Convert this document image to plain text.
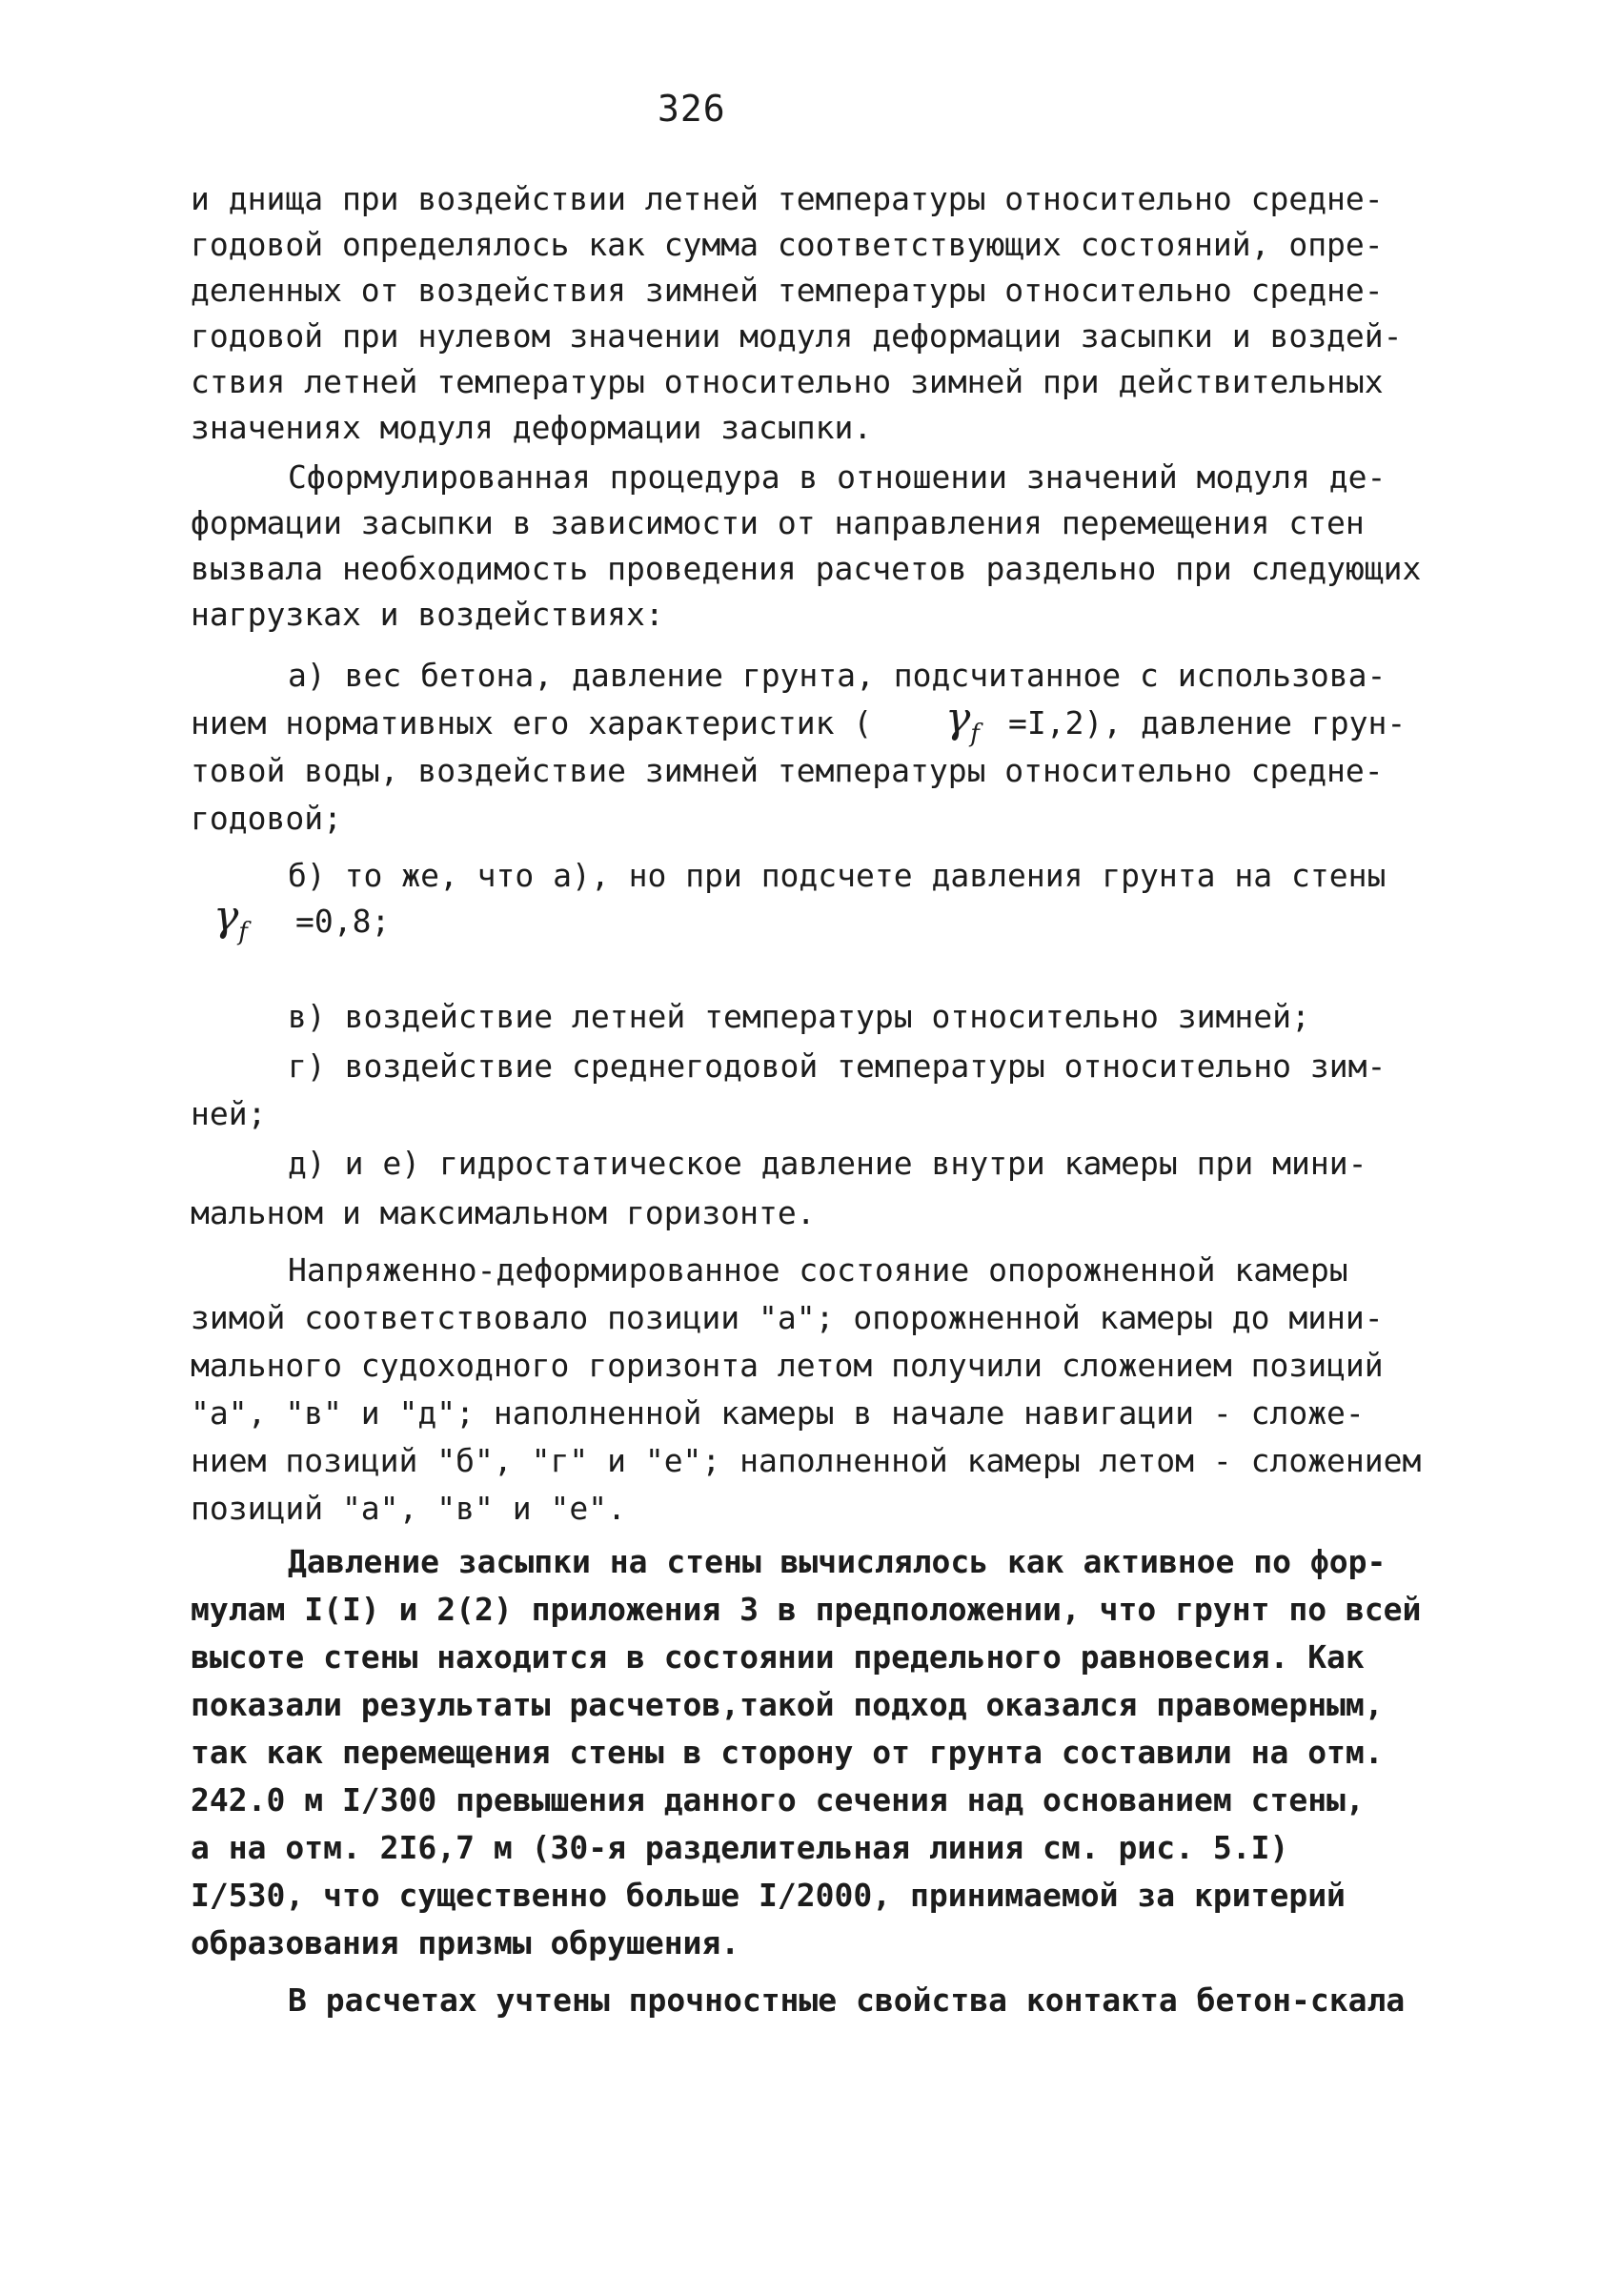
326
и днища при воздействии летней температуры относительно средне-
годовой определялось как сумма соответствующих состояний, опре-
деленных от воздействия зимней температуры относительно средне-
годовой при нулевом значении модуля деформации засыпки и воздей-
ствия летней температуры относительно зимней при действительных
значениях модуля деформации засыпки.
Сформулированная процедура в отношении значений модуля де-
формации засыпки в зависимости от направления перемещения стен
вызвала необходимость проведения расчетов раздельно при следующих
нагрузках и воздействиях:
а) вес бетона, давление грунта, подсчитанное с использова-
нием нормативных его характеристик ( $\gamma_f =I,2$), давление грун-
товой воды, воздействие зимней температуры относительно средне-
годовой;
б) то же, что а), но при подсчете давления грунта на стены
$\gamma_f =0,8$;
в) воздействие летней температуры относительно зимней;
г) воздействие среднегодовой температуры относительно зим-
ней;
д) и е) гидростатическое давление внутри камеры при мини-
мальном и максимальном горизонте.
Напряженно-деформированное состояние опорожненной камеры
зимой соответствовало позиции "а"; опорожненной камеры до мини-
мального судоходного горизонта летом получили сложением позиций
"а", "в" и "д"; наполненной камеры в начале навигации - сложе-
нием позиций "б", "г" и "е"; наполненной камеры летом - сложением
позиций "а", "в" и "е".
Давление засыпки на стены вычислялось как активное по фор-
мулам I(I) и 2(2) приложения 3 в предположении, что грунт по всей
высоте стены находится в состоянии предельного равновесия. Как
показали результаты расчетов,такой подход оказался правомерным,
так как перемещения стены в сторону от грунта составили на отм.
242.0 м I/300 превышения данного сечения над основанием стены,
а на отм. 2I6,7 м (30-я разделительная линия см. рис. 5.I)
I/530, что существенно больше I/2000, принимаемой за критерий
образования призмы обрушения.
В расчетах учтены прочностные свойства контакта бетон-скала
